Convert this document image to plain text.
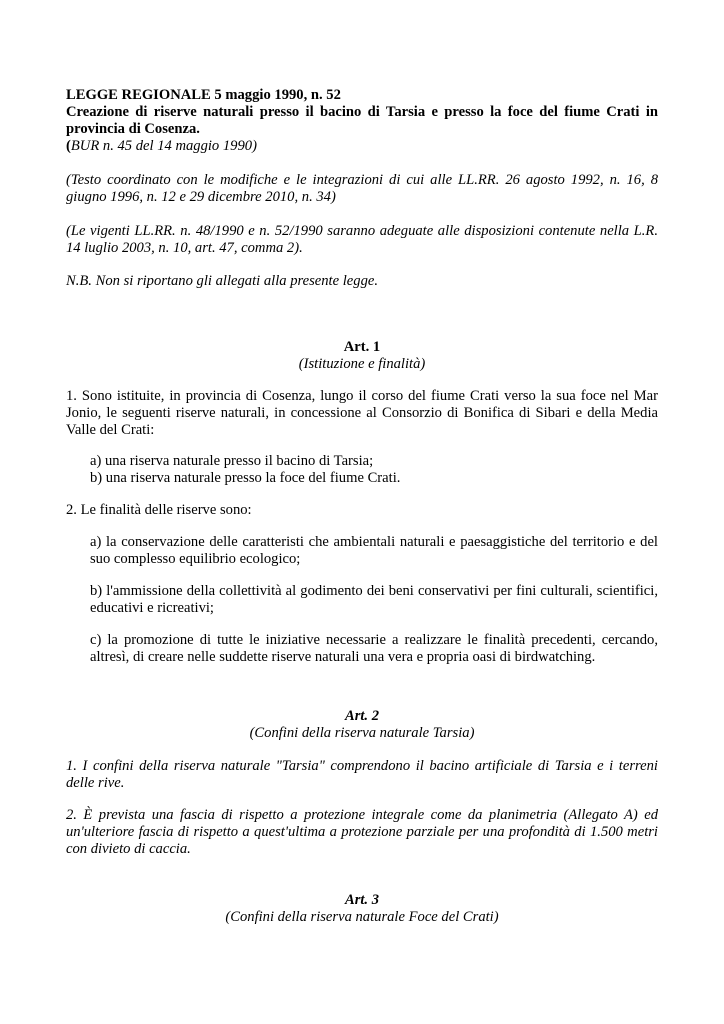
LEGGE REGIONALE 5 maggio 1990, n. 52

Creazione di riserve naturali presso il bacino di Tarsia e presso la foce del fiume Crati in provincia di Cosenza.

(BUR n. 45 del 14 maggio 1990)

(Testo coordinato con le modifiche e le integrazioni di cui alle LL.RR. 26 agosto 1992, n. 16, 8 giugno 1996, n. 12 e 29 dicembre 2010, n. 34)

(Le vigenti LL.RR. n. 48/1990 e n. 52/1990 saranno adeguate alle disposizioni contenute nella L.R. 14 luglio 2003, n. 10, art. 47, comma 2).

N.B. Non si riportano gli allegati alla presente legge.

Art. 1

(Istituzione e finalità)

1. Sono istituite, in provincia di Cosenza, lungo il corso del fiume Crati verso la sua foce nel Mar Jonio, le seguenti riserve naturali, in concessione al Consorzio di Bonifica di Sibari e della Media Valle del Crati:

a) una riserva naturale presso il bacino di Tarsia;

b) una riserva naturale presso la foce del fiume Crati.

2. Le finalità delle riserve sono:

a) la conservazione delle caratteristi che ambientali naturali e paesaggistiche del territorio e del suo complesso equilibrio ecologico;

b) l'ammissione della collettività al godimento dei beni conservativi per fini culturali, scientifici, educativi e ricreativi;

c) la promozione di tutte le iniziative necessarie a realizzare le finalità precedenti, cercando, altresì, di creare nelle suddette riserve naturali una vera e propria oasi di birdwatching.

Art. 2

(Confini della riserva naturale Tarsia)

1. I confini della riserva naturale "Tarsia" comprendono il bacino artificiale di Tarsia e i terreni delle rive.

2. È prevista una fascia di rispetto a protezione integrale come da planimetria (Allegato A) ed un'ulteriore fascia di rispetto a quest'ultima a protezione parziale per una profondità di 1.500 metri con divieto di caccia.

Art. 3

(Confini della riserva naturale Foce del Crati)
